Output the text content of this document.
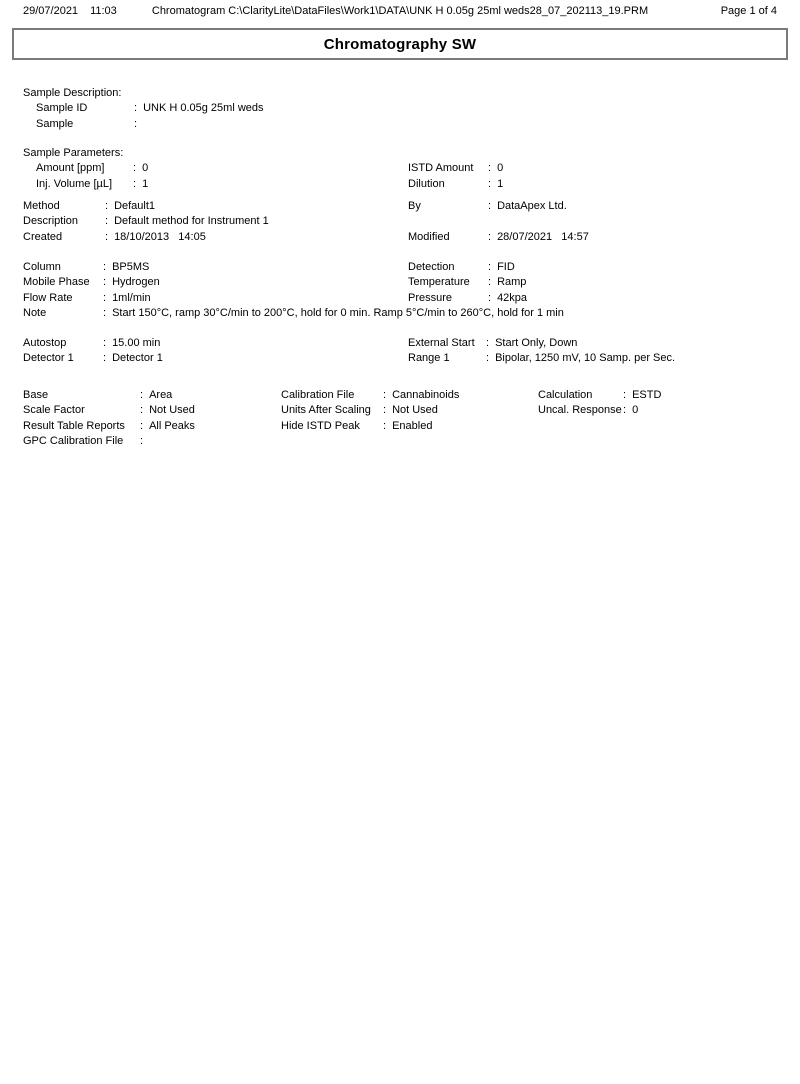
29/07/2021 11:03	Chromatogram C:\ClarityLite\DataFiles\Work1\DATA\UNK H 0.05g 25ml weds28_07_202113_19.PRM	Page 1 of 4
Chromatography SW
Sample Description:
Sample ID	: UNK H 0.05g 25ml weds
Sample	:
Sample Parameters:
Amount [ppm]	: 0
Inj. Volume [µL]	: 1
ISTD Amount	: 0
Dilution	: 1
Method	: Default1
Description	: Default method for Instrument 1
Created	: 18/10/2013   14:05
By	: DataApex Ltd.
Modified	: 28/07/2021   14:57
Column	: BP5MS
Mobile Phase	: Hydrogen
Flow Rate	: 1ml/min
Note	: Start 150°C, ramp 30°C/min to 200°C, hold for 0 min. Ramp 5°C/min to 260°C, hold for 1 min
Detection	: FID
Temperature	: Ramp
Pressure	: 42kpa
Autostop	: 15.00 min
Detector 1	: Detector 1
External Start	: Start Only, Down
Range 1	: Bipolar, 1250 mV, 10 Samp. per Sec.
Base	: Area
Scale Factor	: Not Used
Result Table Reports	: All Peaks
GPC Calibration File	:
Calibration File	: Cannabinoids
Units After Scaling	: Not Used
Hide ISTD Peak	: Enabled
Calculation	: ESTD
Uncal. Response : 0
